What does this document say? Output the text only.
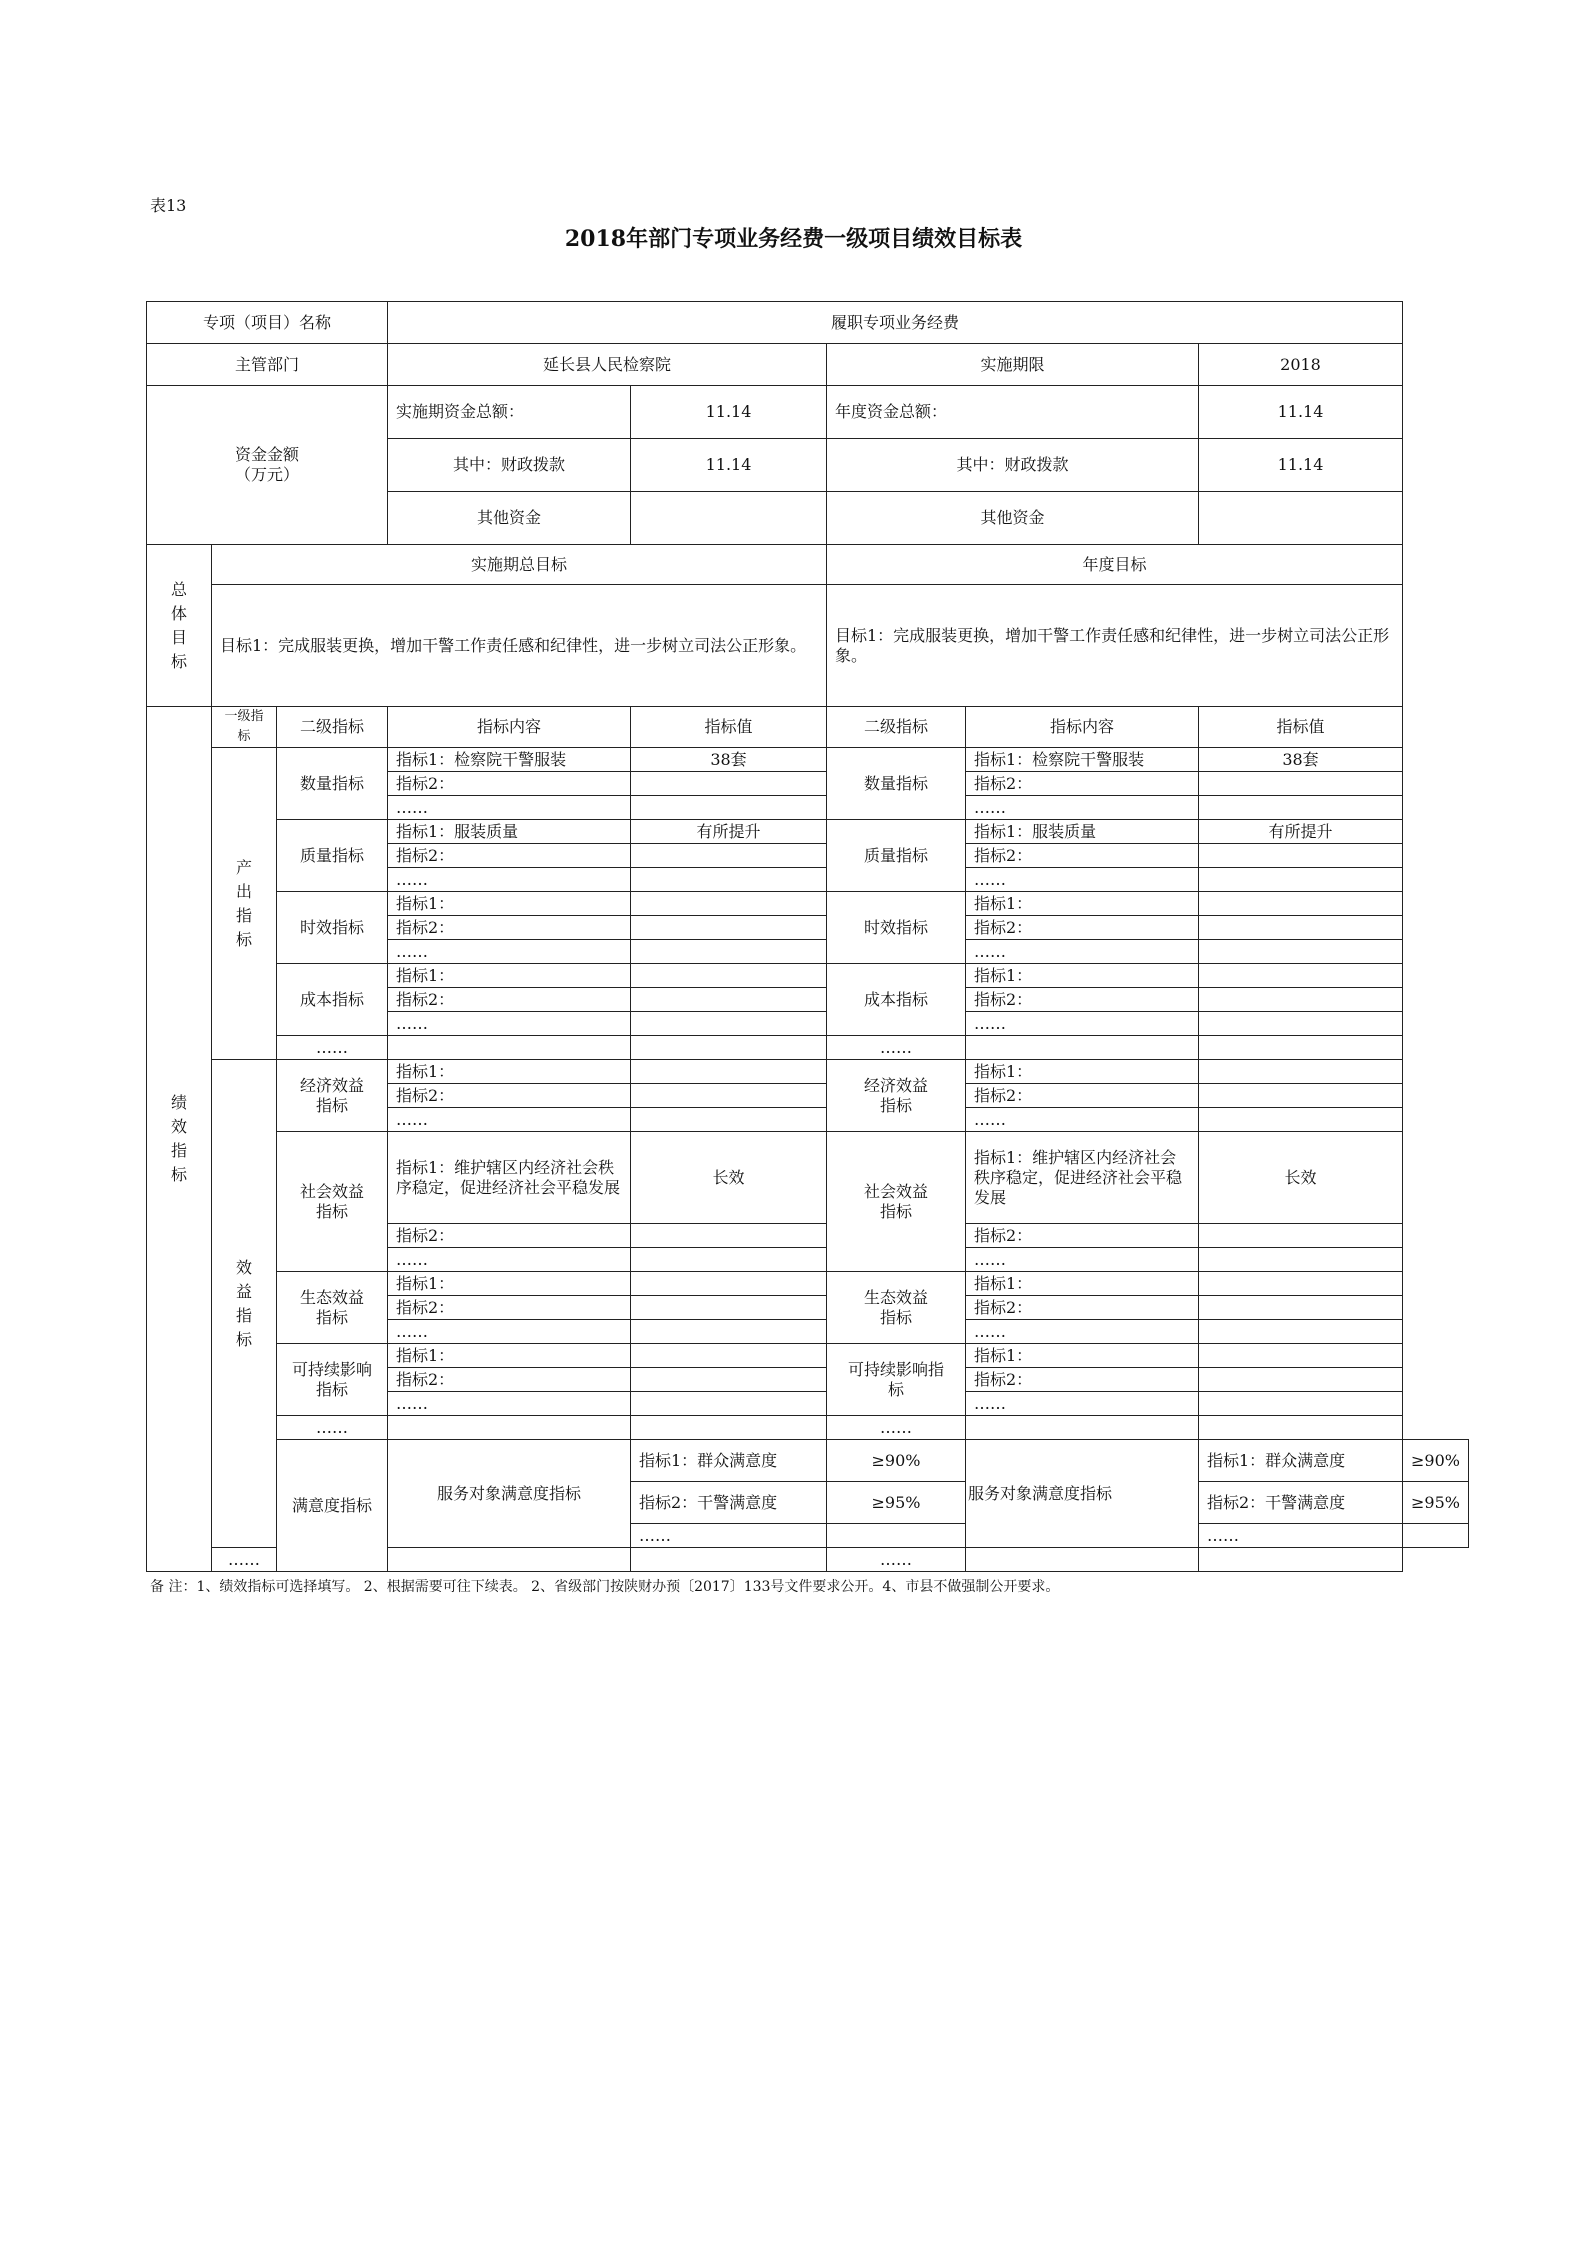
表13
2018年部门专项业务经费一级项目绩效目标表
专项（项目）名称			履职专项业务经费					
主管部门			延长县人民检察院		实施期限		2018	

资金金额
（万元）			实施期资金总额：	11.14	年度资金总额：		11.14	
			其中：财政拨款	11.14	其中：财政拨款		11.14	
			其他资金		其他资金			

总体目标	实施期总目标				年度目标			
	目标1：完成服装更换，增加干警工作责任感和纪律性，进一步树立司法公正形象。				目标1：完成服装更换，增加干警工作责任感和纪律性，进一步树立司法公正形象。			

绩效指标	一级指标	二级指标	指标内容	指标值	二级指标	指标内容	指标值	

	产出指标	数量指标	指标1：检察院干警服装	38套	数量指标	指标1：检察院干警服装	38套	
			指标2：			指标2：		
			……			……		
		质量指标	指标1：服装质量	有所提升	质量指标	指标1：服装质量	有所提升	
			指标2：			指标2：		
			……			……		
		时效指标	指标1：		时效指标	指标1：		
			指标2：			指标2：		
			……			……		
		成本指标	指标1：		成本指标	指标1：		
			指标2：			指标2：		
			……			……		
		……			……			

	效益指标	经济效益指标	指标1：		经济效益指标	指标1：		
			指标2：			指标2：		
			……			……		
		社会效益指标	指标1：维护辖区内经济社会秩序稳定，促进经济社会平稳发展	长效	社会效益指标	指标1：维护辖区内经济社会秩序稳定，促进经济社会平稳发展	长效	
			指标2：			指标2：		
			……			……		
		生态效益指标	指标1：		生态效益指标	指标1：		
			指标2：			指标2：		
			……			……		
		可持续影响指标	指标1：		可持续影响指标	指标1：		
			指标2：			指标2：		
			……			……		
		……			……			
		满意度指标	服务对象满意度指标	指标1：群众满意度	≥90%	服务对象满意度指标	指标1：群众满意度	≥90%
				指标2：干警满意度	≥95%		指标2：干警满意度	≥95%
				……			……	
	……				……			
备 注：1、绩效指标可选择填写。 2、根据需要可往下续表。 2、省级部门按陕财办预〔2017〕133号文件要求公开。4、市县不做强制公开要求。
